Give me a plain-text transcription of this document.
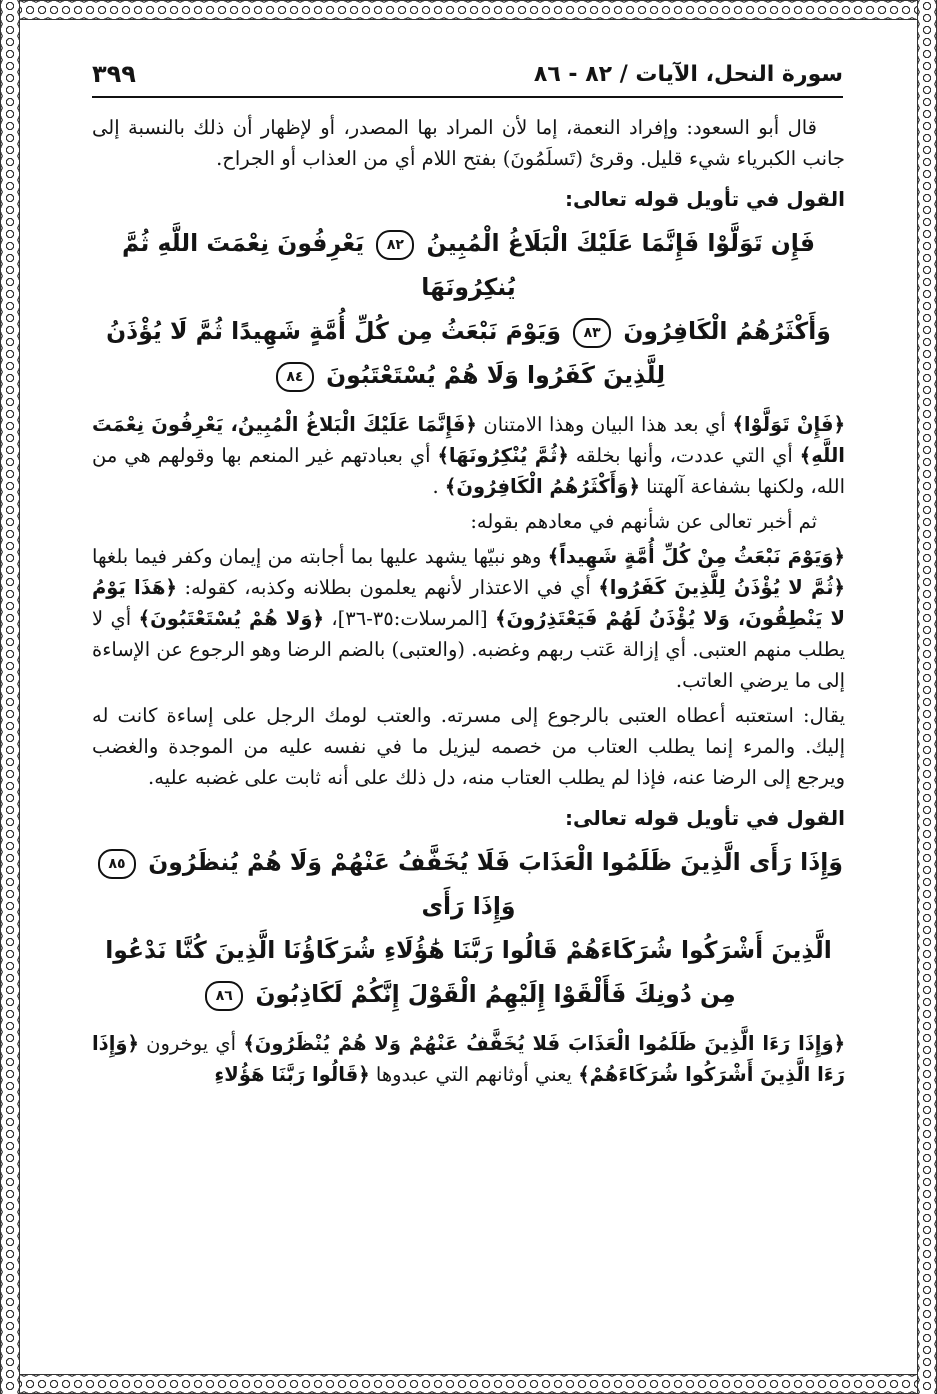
سورة النحل، الآيات / ٨٢ - ٨٦
٣٩٩

قال أبو السعود: وإفراد النعمة، إما لأن المراد بها المصدر، أو لإظهار أن ذلك بالنسبة إلى جانب الكبرياء شيء قليل. وقرئ (تَسلَمُونَ) بفتح اللام أي من العذاب أو الجراح.

القول في تأويل قوله تعالى:

فَإِن تَوَلَّوْا فَإِنَّمَا عَلَيْكَ الْبَلَاغُ الْمُبِينُ ٨٢ يَعْرِفُونَ نِعْمَتَ اللَّهِ ثُمَّ يُنكِرُونَهَا
وَأَكْثَرُهُمُ الْكَافِرُونَ ٨٣ وَيَوْمَ نَبْعَثُ مِن كُلِّ أُمَّةٍ شَهِيدًا ثُمَّ لَا يُؤْذَنُ
لِلَّذِينَ كَفَرُوا وَلَا هُمْ يُسْتَعْتَبُونَ ٨٤

﴿فَإِنْ تَوَلَّوْا﴾ أي بعد هذا البيان وهذا الامتنان ﴿فَإِنَّمَا عَلَيْكَ الْبَلاغُ الْمُبِينُ، يَعْرِفُونَ نِعْمَتَ اللَّهِ﴾ أي التي عددت، وأنها بخلقه ﴿ثُمَّ يُنْكِرُونَهَا﴾ أي بعبادتهم غير المنعم بها وقولهم هي من الله، ولكنها بشفاعة آلهتنا ﴿وَأَكْثَرُهُمُ الْكَافِرُونَ﴾ .

ثم أخبر تعالى عن شأنهم في معادهم بقوله:

﴿وَيَوْمَ نَبْعَثُ مِنْ كُلِّ أُمَّةٍ شَهِيداً﴾ وهو نبيّها يشهد عليها بما أجابته من إيمان وكفر فيما بلغها ﴿ثُمَّ لا يُؤْذَنُ لِلَّذِينَ كَفَرُوا﴾ أي في الاعتذار لأنهم يعلمون بطلانه وكذبه، كقوله: ﴿هَذَا يَوْمُ لا يَنْطِقُونَ، وَلا يُؤْذَنُ لَهُمْ فَيَعْتَذِرُونَ﴾ [المرسلات:٣٥-٣٦]، ﴿وَلا هُمْ يُسْتَعْتَبُونَ﴾ أي لا يطلب منهم العتبى. أي إزالة عَتب ربهم وغضبه. (والعتبى) بالضم الرضا وهو الرجوع عن الإساءة إلى ما يرضي العاتب.

يقال: استعتبه أعطاه العتبى بالرجوع إلى مسرته. والعتب لومك الرجل على إساءة كانت له إليك. والمرء إنما يطلب العتاب من خصمه ليزيل ما في نفسه عليه من الموجدة والغضب ويرجع إلى الرضا عنه، فإذا لم يطلب العتاب منه، دل ذلك على أنه ثابت على غضبه عليه.

القول في تأويل قوله تعالى:

وَإِذَا رَأَى الَّذِينَ ظَلَمُوا الْعَذَابَ فَلَا يُخَفَّفُ عَنْهُمْ وَلَا هُمْ يُنظَرُونَ ٨٥ وَإِذَا رَأَى
الَّذِينَ أَشْرَكُوا شُرَكَاءَهُمْ قَالُوا رَبَّنَا هَٰؤُلَاءِ شُرَكَاؤُنَا الَّذِينَ كُنَّا نَدْعُوا
مِن دُونِكَ فَأَلْقَوْا إِلَيْهِمُ الْقَوْلَ إِنَّكُمْ لَكَاذِبُونَ ٨٦

﴿وَإِذَا رَءَا الَّذِينَ ظَلَمُوا الْعَذَابَ فَلا يُخَفَّفُ عَنْهُمْ وَلا هُمْ يُنْظَرُونَ﴾ أي يوخرون ﴿وَإِذَا رَءَا الَّذِينَ أَشْرَكُوا شُرَكَاءَهُمْ﴾ يعني أوثانهم التي عبدوها ﴿قَالُوا رَبَّنَا هَؤُلاءِ
